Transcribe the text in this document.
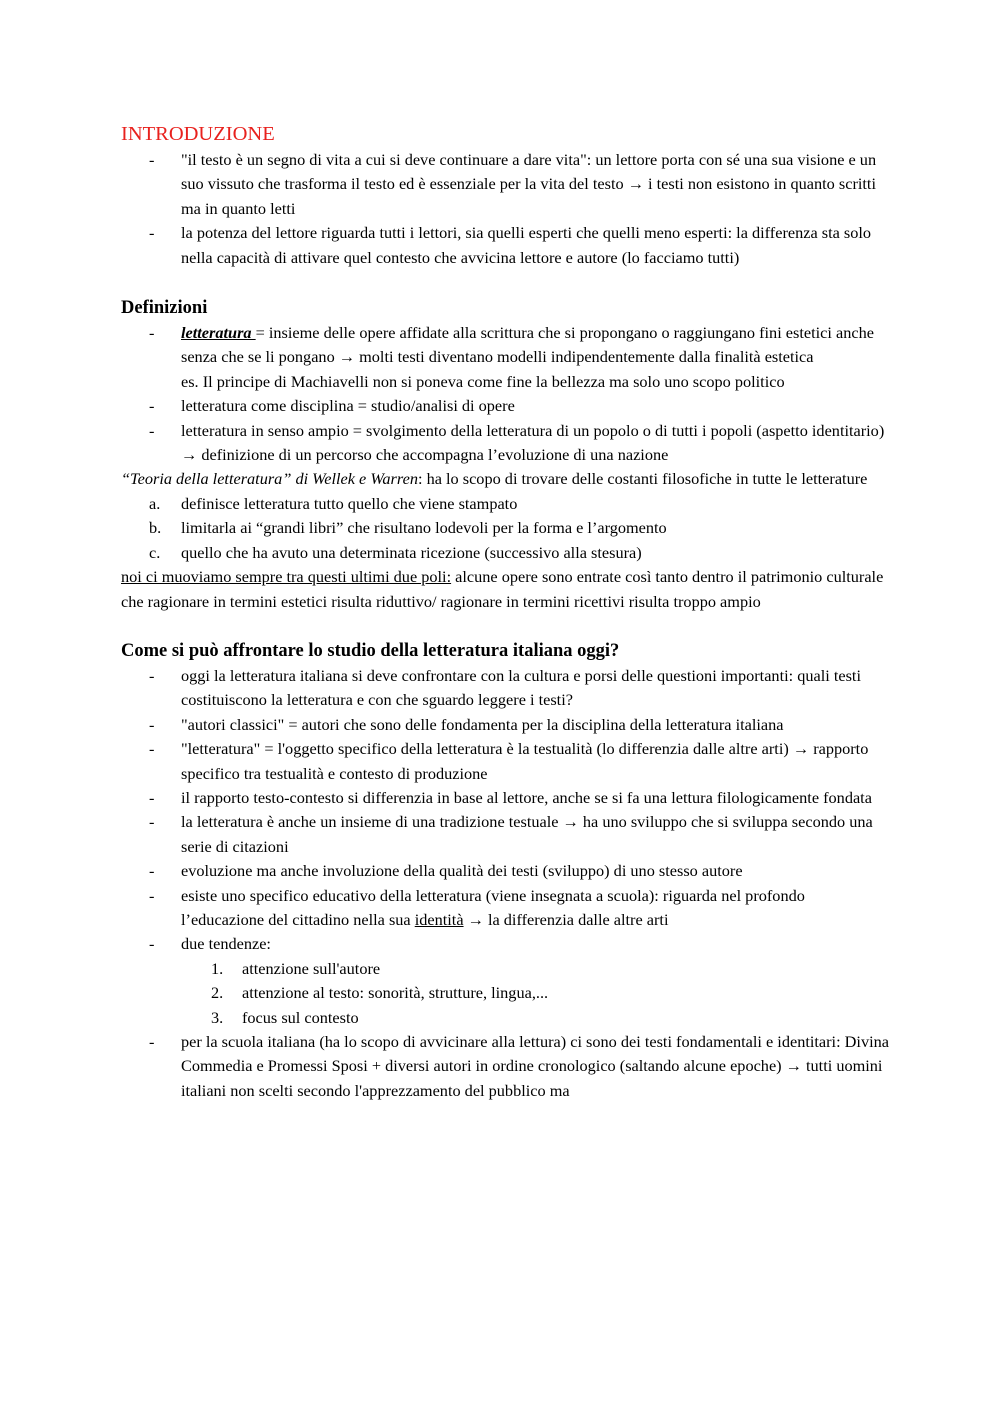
INTRODUZIONE
- "il testo è un segno di vita a cui si deve continuare a dare vita": un lettore porta con sé una sua visione e un suo vissuto che trasforma il testo ed è essenziale per la vita del testo → i testi non esistono in quanto scritti ma in quanto letti
- la potenza del lettore riguarda tutti i lettori, sia quelli esperti che quelli meno esperti: la differenza sta solo nella capacità di attivare quel contesto che avvicina lettore e autore (lo facciamo tutti)
Definizioni
- letteratura = insieme delle opere affidate alla scrittura che si propongano o raggiungano fini estetici anche senza che se li pongano → molti testi diventano modelli indipendentemente dalla finalità estetica
es. Il principe di Machiavelli non si poneva come fine la bellezza ma solo uno scopo politico
- letteratura come disciplina = studio/analisi di opere
- letteratura in senso ampio = svolgimento della letteratura di un popolo o di tutti i popoli (aspetto identitario) → definizione di un percorso che accompagna l’evoluzione di una nazione

“Teoria della letteratura” di Wellek e Warren: ha lo scopo di trovare delle costanti filosofiche in tutte le letterature

a. definisce letteratura tutto quello che viene stampato
b. limitarla ai “grandi libri” che risultano lodevoli per la forma e l’argomento
c. quello che ha avuto una determinata ricezione (successivo alla stesura)

noi ci muoviamo sempre tra questi ultimi due poli: alcune opere sono entrate così tanto dentro il patrimonio culturale che ragionare in termini estetici risulta riduttivo/ ragionare in termini ricettivi risulta troppo ampio

Come si può affrontare lo studio della letteratura italiana oggi?
- oggi la letteratura italiana si deve confrontare con la cultura e porsi delle questioni importanti: quali testi costituiscono la letteratura e con che sguardo leggere i testi?
- "autori classici" = autori che sono delle fondamenta per la disciplina della letteratura italiana
- "letteratura" = l'oggetto specifico della letteratura è la testualità (lo differenzia dalle altre arti) → rapporto specifico tra testualità e contesto di produzione
- il rapporto testo-contesto si differenzia in base al lettore, anche se si fa una lettura filologicamente fondata
- la letteratura è anche un insieme di una tradizione testuale → ha uno sviluppo che si sviluppa secondo una serie di citazioni
- evoluzione ma anche involuzione della qualità dei testi (sviluppo) di uno stesso autore
- esiste uno specifico educativo della letteratura (viene insegnata a scuola): riguarda nel profondo l’educazione del cittadino nella sua identità → la differenzia dalle altre arti
- due tendenze:
1. attenzione sull'autore
2. attenzione al testo: sonorità, strutture, lingua,...
3. focus sul contesto
- per la scuola italiana (ha lo scopo di avvicinare alla lettura) ci sono dei testi fondamentali e identitari: Divina Commedia e Promessi Sposi + diversi autori in ordine cronologico (saltando alcune epoche) → tutti uomini italiani non scelti secondo l'apprezzamento del pubblico ma
